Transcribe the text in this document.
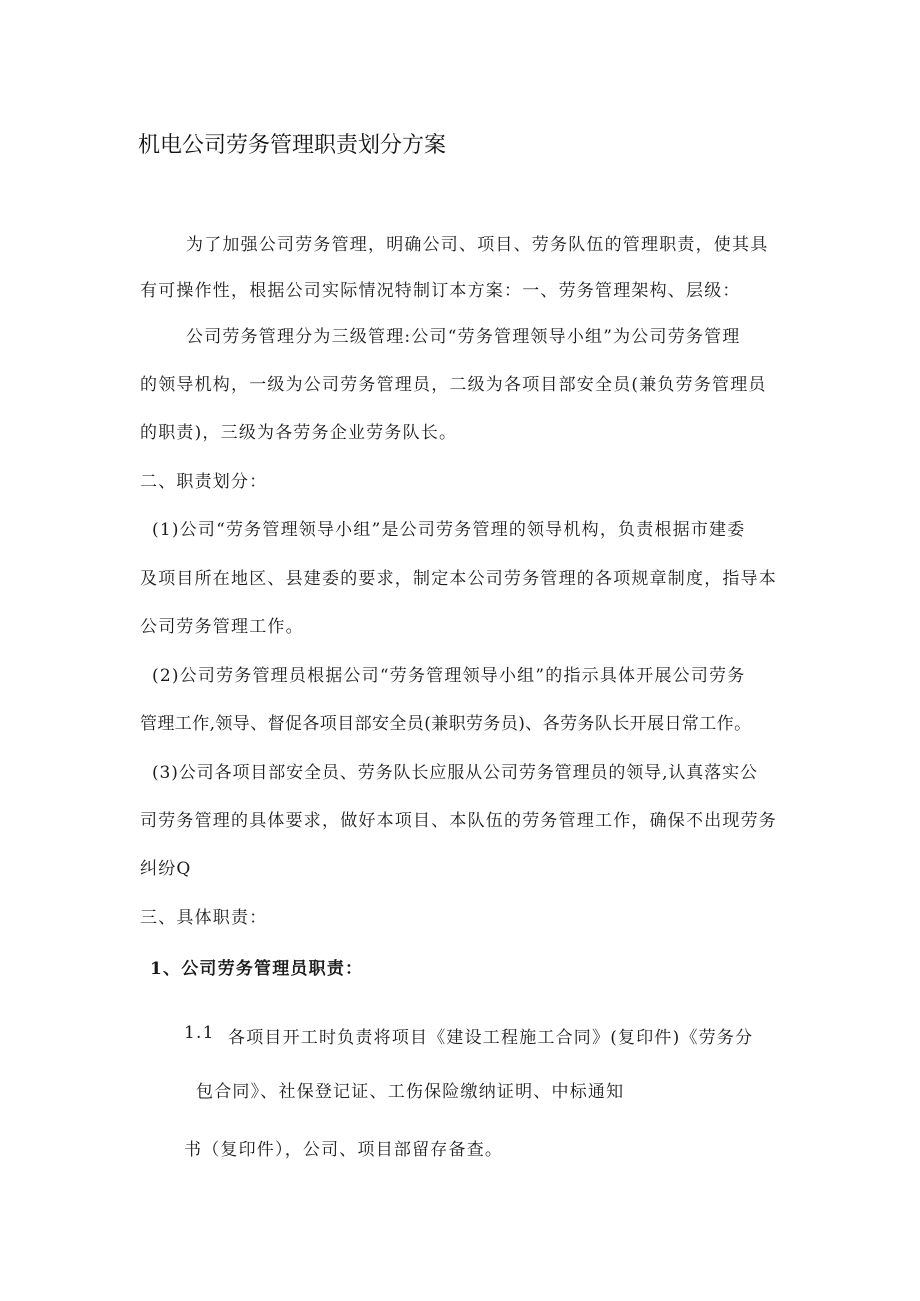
机电公司劳务管理职责划分方案
为了加强公司劳务管理，明确公司、项目、劳务队伍的管理职责，使其具
有可操作性，根据公司实际情况特制订本方案：一、劳务管理架构、层级：
公司劳务管理分为三级管理:公司“劳务管理领导小组”为公司劳务管理
的领导机构，一级为公司劳务管理员，二级为各项目部安全员(兼负劳务管理员
的职责)，三级为各劳务企业劳务队长。
二、职责划分：
(1)公司“劳务管理领导小组”是公司劳务管理的领导机构，负责根据市建委
及项目所在地区、县建委的要求，制定本公司劳务管理的各项规章制度，指导本
公司劳务管理工作。
(2)公司劳务管理员根据公司“劳务管理领导小组”的指示具体开展公司劳务
管理工作,领导、督促各项目部安全员(兼职劳务员)、各劳务队长开展日常工作。
(3)公司各项目部安全员、劳务队长应服从公司劳务管理员的领导,认真落实公
司劳务管理的具体要求，做好本项目、本队伍的劳务管理工作，确保不出现劳务
纠纷Q
三、具体职责：
1、公司劳务管理员职责：
1.1 各项目开工时负责将项目《建设工程施工合同》(复印件)《劳务分
包合同》、社保登记证、工伤保险缴纳证明、中标通知
书（复印件），公司、项目部留存备查。
